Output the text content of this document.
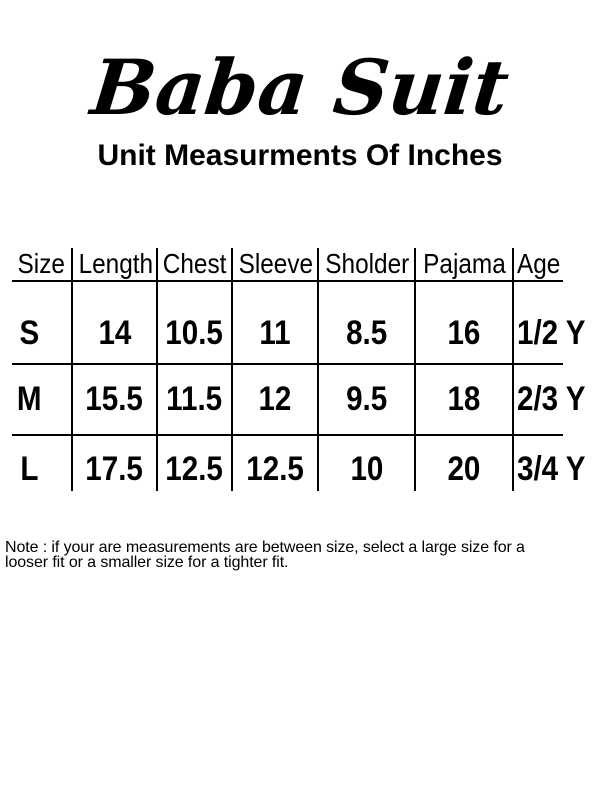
Baba Suit
Unit Measurments Of Inches
Size	Length	Chest	Sleeve	Sholder	Pajama	Age
S	14	10.5	11	8.5	16	1/2 Y
M	15.5	11.5	12	9.5	18	2/3 Y
L	17.5	12.5	12.5	10	20	3/4 Y
Note : if your are measurements are between size, select a large size for a
looser fit or a smaller size for a tighter fit.
